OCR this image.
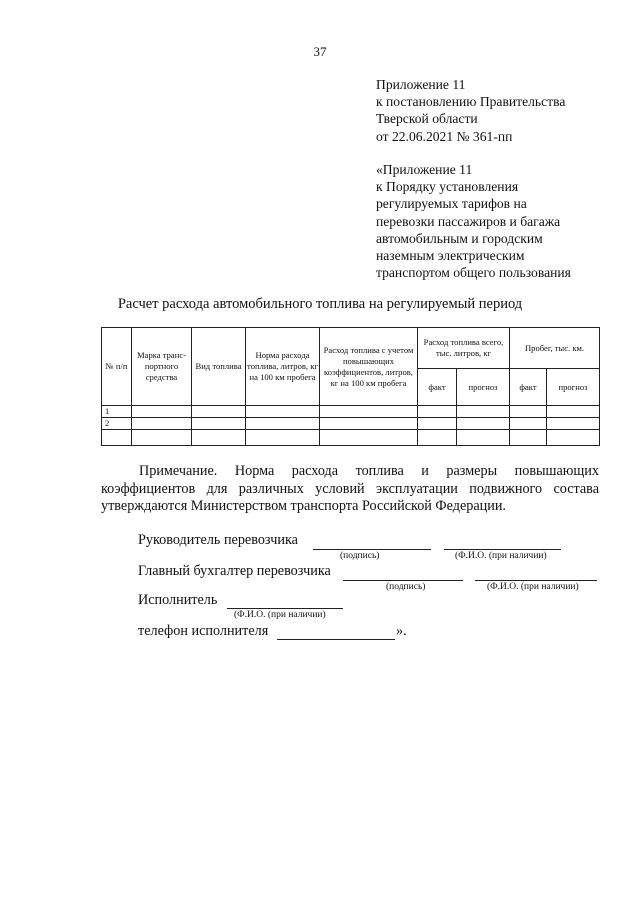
37
Приложение 11
к постановлению Правительства
Тверской области
от 22.06.2021 № 361-пп
«Приложение 11
к Порядку установления
регулируемых тарифов на
перевозки пассажиров и багажа
автомобильным и городским
наземным электрическим
транспортом общего пользования
Расчет расхода автомобильного топлива на регулируемый период
№ п/п	Марка транс-портного средства	Вид топлива	Норма расхода топлива, литров, кг на 100 км пробега	Расход топлива с учетом повышающих коэффициентов, литров, кг на 100 км пробега	Расход топлива всего, тыс. литров, кг		Пробег, тыс. км.	
					факт	прогноз	факт	прогноз
1								
2								

Примечание. Норма расхода топлива и размеры повышающих
коэффициентов для различных условий эксплуатации подвижного состава
утверждаются Министерством транспорта Российской Федерации.
Руководитель перевозчика
(подпись)	(Ф.И.О. (при наличии)
Главный бухгалтер перевозчика
(подпись)	(Ф.И.О. (при наличии)
Исполнитель
(Ф.И.О. (при наличии)
телефон исполнителя	».
